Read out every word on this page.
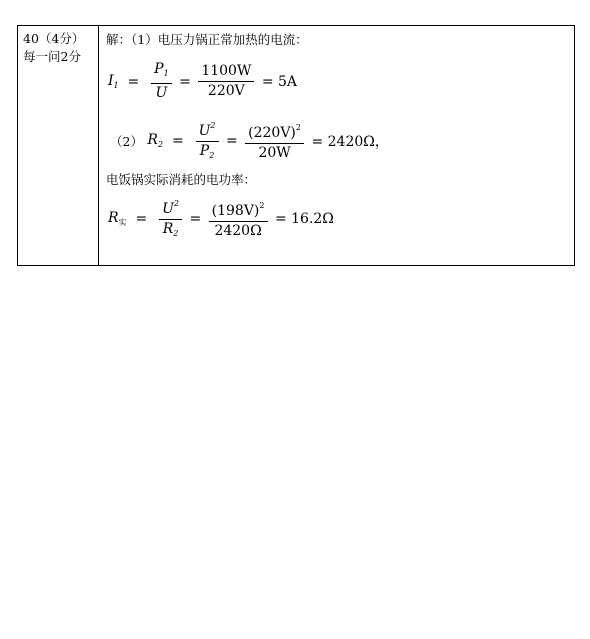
40（4分）
每一问2分
解：（1）电压力锅正常加热的电流：
$I_1 = \frac{P_1}{U} = \frac{1100W}{220V} = 5A$
（2） $R_2 = \frac{U^2}{P_2} = \frac{(220V)^2}{20W} = 2420\Omega$，
电饭锅实际消耗的电功率：
$R_实 = \frac{U^2}{R_2} = \frac{(198V)^2}{2420\Omega} = 16.2\Omega$
